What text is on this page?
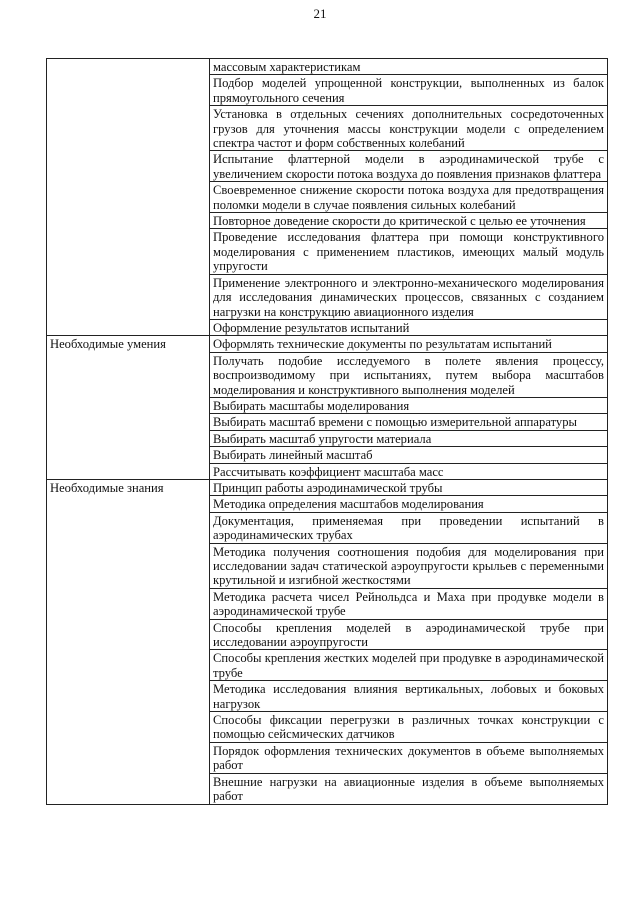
21
	массовым характеристикам
	Подбор моделей упрощенной конструкции, выполненных из балок прямоугольного сечения
	Установка в отдельных сечениях дополнительных сосредоточенных грузов для уточнения массы конструкции модели с определением спектра частот и форм собственных колебаний
	Испытание флаттерной модели в аэродинамической трубе с увеличением скорости потока воздуха до появления признаков флаттера
	Своевременное снижение скорости потока воздуха для предотвращения поломки модели в случае появления сильных колебаний
	Повторное доведение скорости до критической с целью ее уточнения
	Проведение исследования флаттера при помощи конструктивного моделирования с применением пластиков, имеющих малый модуль упругости
	Применение электронного и электронно-механического моделирования для исследования динамических процессов, связанных с созданием нагрузки на конструкцию авиационного изделия
	Оформление результатов испытаний
Необходимые умения	Оформлять технические документы по результатам испытаний
	Получать подобие исследуемого в полете явления процессу, воспроизводимому при испытаниях, путем выбора масштабов моделирования и конструктивного выполнения моделей
	Выбирать масштабы моделирования
	Выбирать масштаб времени с помощью измерительной аппаратуры
	Выбирать масштаб упругости материала
	Выбирать линейный масштаб
	Рассчитывать коэффициент масштаба масс
Необходимые знания	Принцип работы аэродинамической трубы
	Методика определения масштабов моделирования
	Документация, применяемая при проведении испытаний в аэродинамических трубах
	Методика получения соотношения подобия для моделирования при исследовании задач статической аэроупругости крыльев с переменными крутильной и изгибной жесткостями
	Методика расчета чисел Рейнольдса и Маха при продувке модели в аэродинамической трубе
	Способы крепления моделей в аэродинамической трубе при исследовании аэроупругости
	Способы крепления жестких моделей при продувке в аэродинамической трубе
	Методика исследования влияния вертикальных, лобовых и боковых нагрузок
	Способы фиксации перегрузки в различных точках конструкции с помощью сейсмических датчиков
	Порядок оформления технических документов в объеме выполняемых работ
	Внешние нагрузки на авиационные изделия в объеме выполняемых работ
